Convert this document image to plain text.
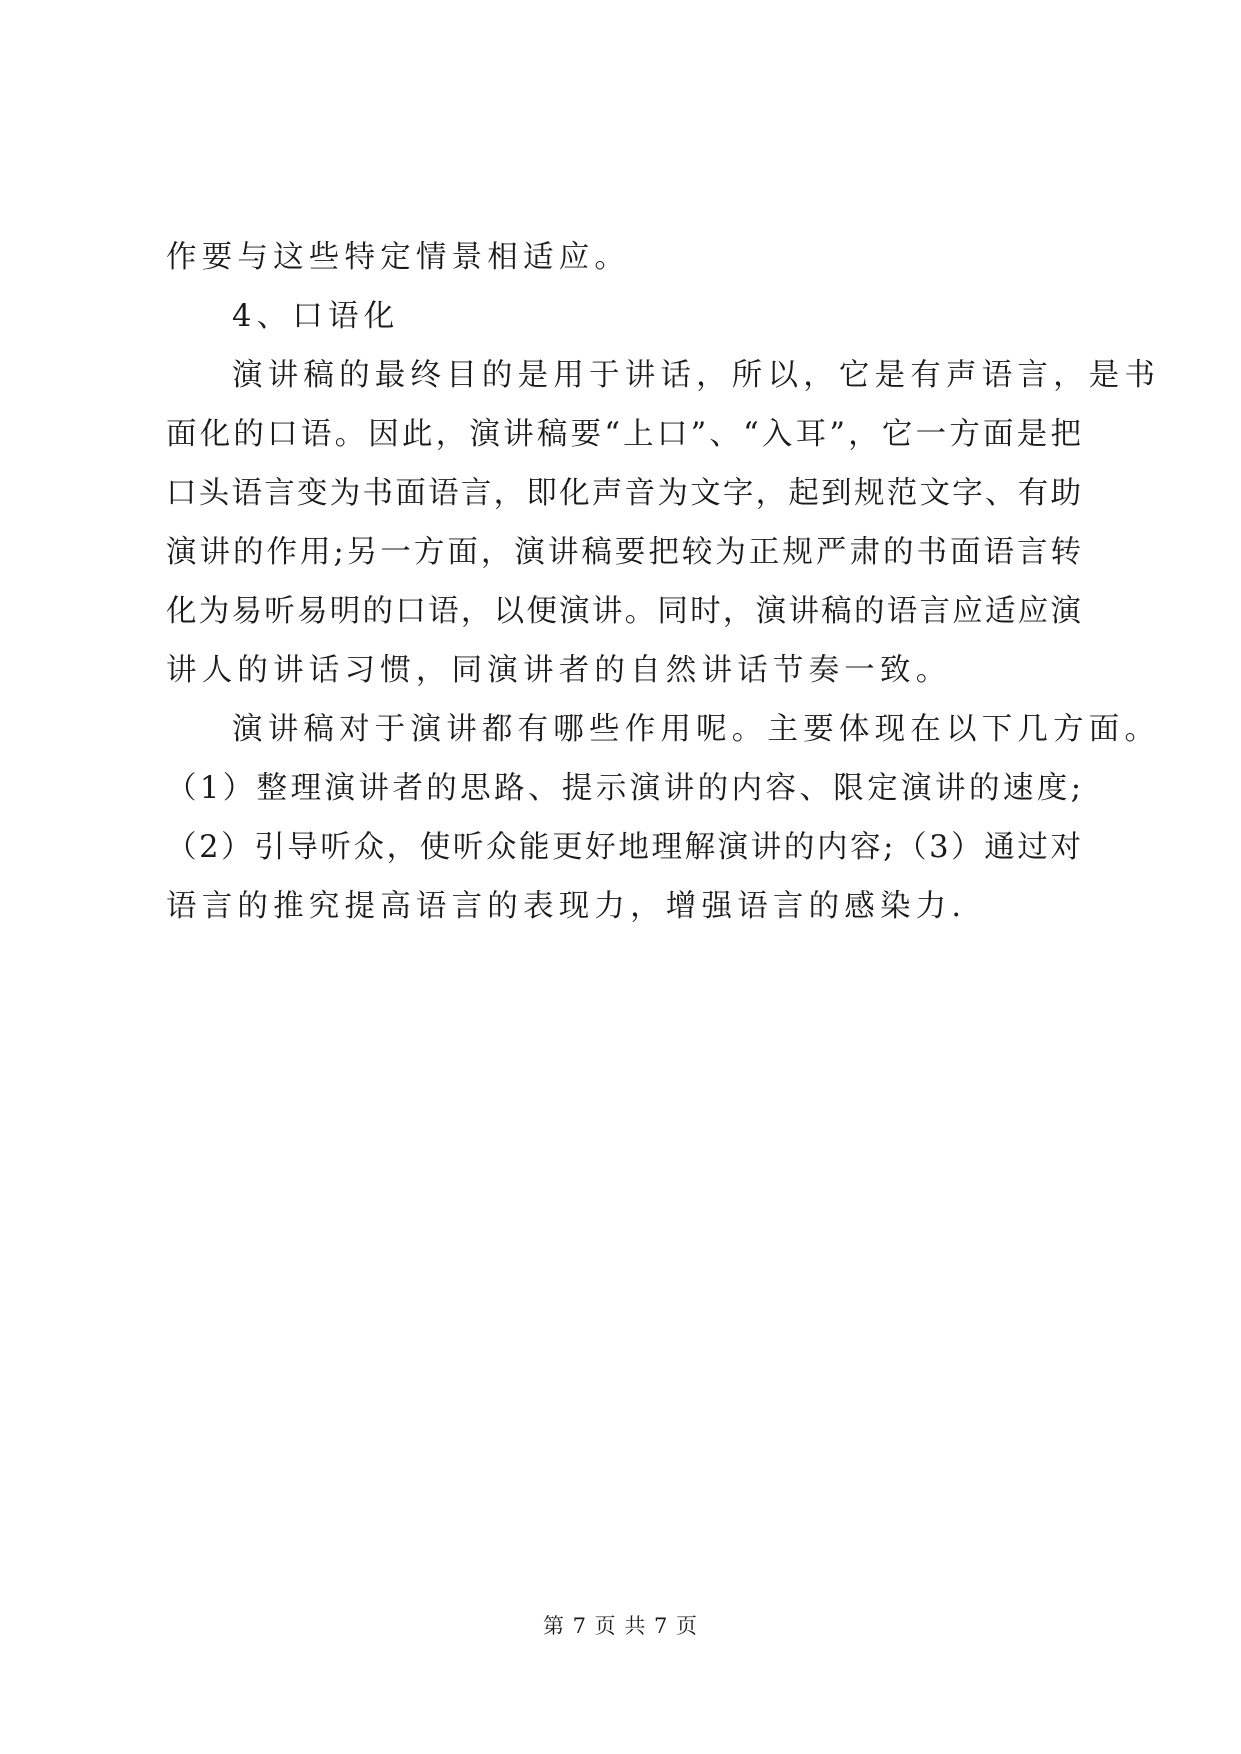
作要与这些特定情景相适应。
4、口语化
演讲稿的最终目的是用于讲话，所以，它是有声语言，是书
面化的口语。因此，演讲稿要“上口”、“入耳”，它一方面是把
口头语言变为书面语言，即化声音为文字，起到规范文字、有助
演讲的作用;另一方面，演讲稿要把较为正规严肃的书面语言转
化为易听易明的口语，以便演讲。同时，演讲稿的语言应适应演
讲人的讲话习惯，同演讲者的自然讲话节奏一致。
演讲稿对于演讲都有哪些作用呢。主要体现在以下几方面。
（1）整理演讲者的思路、提示演讲的内容、限定演讲的速度;
（2）引导听众，使听众能更好地理解演讲的内容;（3）通过对
语言的推究提高语言的表现力，增强语言的感染力.
第 7 页 共 7 页
